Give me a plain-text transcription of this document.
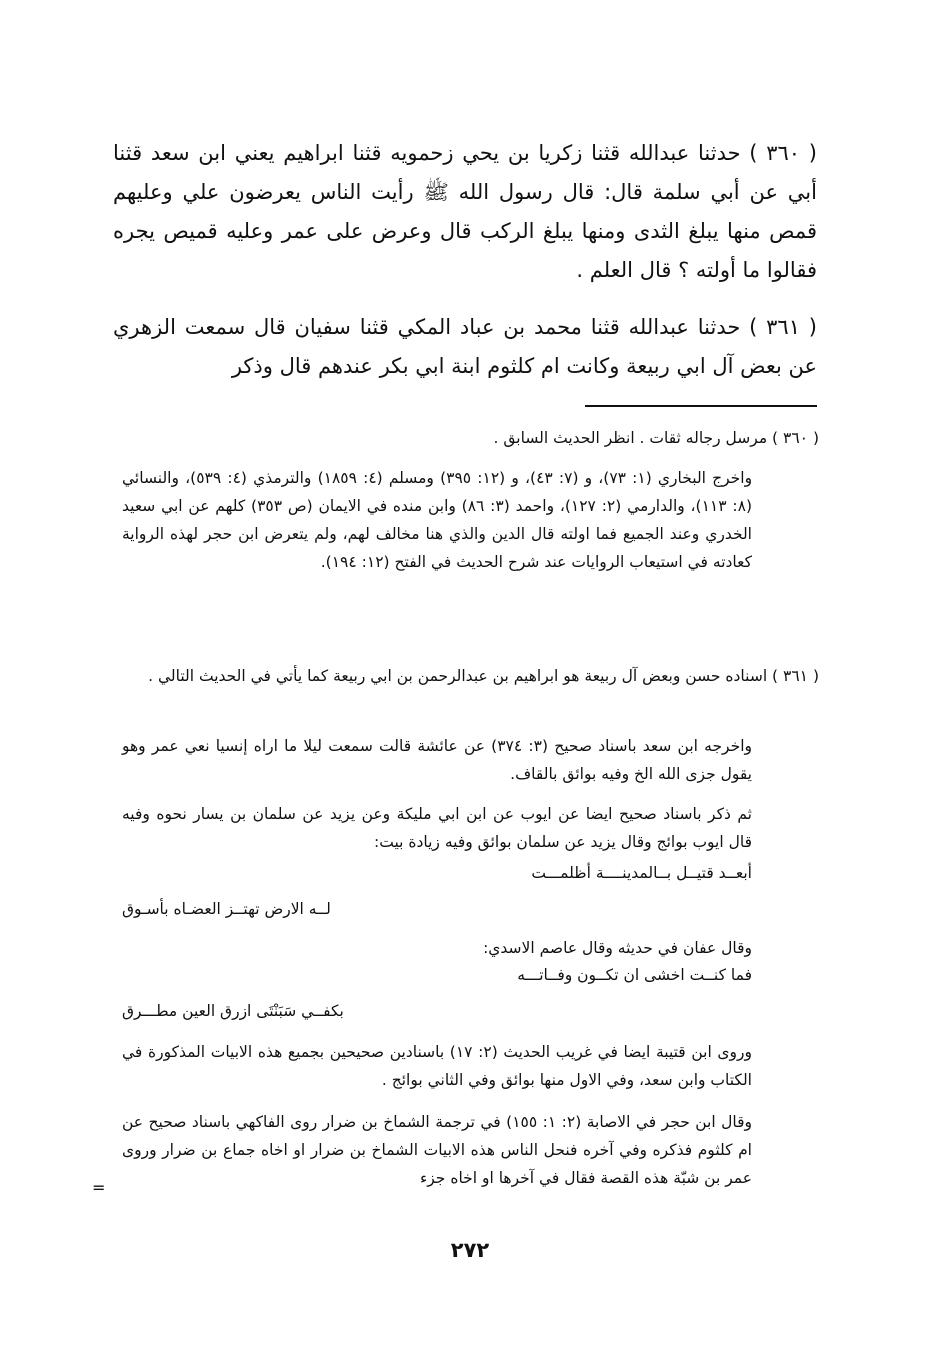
( ٣٦٠ ) حدثنا عبدالله قثنا زكريا بن يحي زحمويه قثنا ابراهيم يعني ابن سعد قثنا أبي عن أبي سلمة قال: قال رسول الله ﷺ رأيت الناس يعرضون علي وعليهم قمص منها يبلغ الثدى ومنها يبلغ الركب قال وعرض على عمر وعليه قميص يجره فقالوا ما أولته ؟ قال العلم .

( ٣٦١ ) حدثنا عبدالله قثنا محمد بن عباد المكي قثنا سفيان قال سمعت الزهري عن بعض آل ابي ربيعة وكانت ام كلثوم ابنة ابي بكر عندهم قال وذكر

( ٣٦٠ ) مرسل رجاله ثقات . انظر الحديث السابق .

واخرج البخاري (١: ٧٣)، و (٧: ٤٣)، و (١٢: ٣٩٥) ومسلم (٤: ١٨٥٩) والترمذي (٤: ٥٣٩)، والنسائي (٨: ١١٣)، والدارمي (٢: ١٢٧)، واحمد (٣: ٨٦) وابن منده في الايمان (ص ٣٥٣) كلهم عن ابي سعيد الخدري وعند الجميع فما اولته قال الدين والذي هنا مخالف لهم، ولم يتعرض ابن حجر لهذه الرواية كعادته في استيعاب الروايات عند شرح الحديث في الفتح (١٢: ١٩٤).

( ٣٦١ ) اسناده حسن وبعض آل ربيعة هو ابراهيم بن عبدالرحمن بن ابي ربيعة كما يأتي في الحديث التالي .

واخرجه ابن سعد باسناد صحيح (٣: ٣٧٤) عن عائشة قالت سمعت ليلا ما اراه إنسيا نعي عمر وهو يقول جزى الله الخ وفيه بوائق بالقاف.

ثم ذكر باسناد صحيح ايضا عن ايوب عن ابن ابي مليكة وعن يزيد عن سلمان بن يسار نحوه وفيه قال ايوب بوائج وقال يزيد عن سلمان بوائق وفيه زيادة بيت:

أبعــد قتيــل بــالمدينــــة أظلمـــت
لــه الارض تهتــز العضـاه بأسـوق

وقال عفان في حديثه وقال عاصم الاسدي:

فما كنــت اخشى ان تكــون وفــاتـــه
بكفــي سَبَنْتَى ازرق العين مطـــرق

وروى ابن قتيبة ايضا في غريب الحديث (٢: ١٧) باسنادين صحيحين بجميع هذه الابيات المذكورة في الكتاب وابن سعد، وفي الاول منها بوائق وفي الثاني بوائج .

وقال ابن حجر في الاصابة (٢: ١: ١٥٥) في ترجمة الشماخ بن ضرار روى الفاكهي باسناد صحيح عن ام كلثوم فذكره وفي آخره فنحل الناس هذه الابيات الشماخ بن ضرار او اخاه جماع بن ضرار وروى عمر بن شبّة هذه القصة فقال في آخرها او اخاه جزء

=
٢٧٢
